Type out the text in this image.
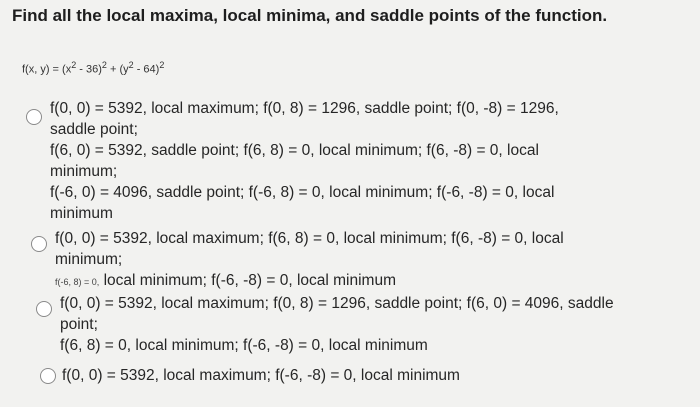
Find all the local maxima, local minima, and saddle points of the function.
f(x, $y) = (x^2 - 36)^2 + (y^2 - 64)^2$
f(0, 0) = 5392, local maximum; f(0, 8) = 1296, saddle point; f(0, -8) = 1296,
saddle point;
f(6, 0) = 5392, saddle point; f(6, 8) = 0, local minimum; f(6, -8) = 0, local
minimum;
f(-6, 0) = 4096, saddle point; f(-6, 8) = 0, local minimum; f(-6, -8) = 0, local
minimum
f(0, 0) = 5392, local maximum; f(6, 8) = 0, local minimum; f(6, -8) = 0, local
minimum;
f(-6, 8) = 0, local minimum; f(-6, -8) = 0, local minimum
f(0, 0) = 5392, local maximum; f(0, 8) = 1296, saddle point; f(6, 0) = 4096, saddle
point;
f(6, 8) = 0, local minimum; f(-6, -8) = 0, local minimum
f(0, 0) = 5392, local maximum; f(-6, -8) = 0, local minimum
